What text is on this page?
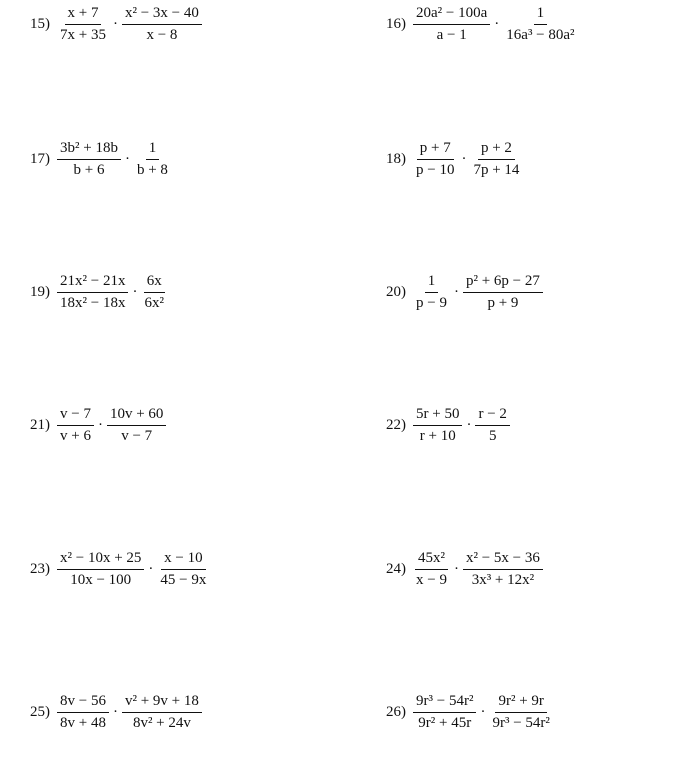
$15) \frac{x + 7}{7x + 35} \cdot \frac{\text{x² − 3x − 40}}{x - 8}$	$16) \frac{\text{20a² − 100a}}{a - 1} \cdot \frac{1}{\text{16a³ − 80a²}}$
$17) \frac{\text{3b² + 18b}}{b + 6} \cdot \frac{1}{b + 8}$	$18) \frac{p + 7}{p - 10} \cdot \frac{p + 2}{7p + 14}$
$19) \frac{\text{21x² − 21x}}{\text{18x² − 18x}} \cdot \frac{6x}{\text{6x²}}$	$20) \frac{1}{p - 9} \cdot \frac{\text{p² + 6p − 27}}{p + 9}$
$21) \frac{v - 7}{v + 6} \cdot \frac{10v + 60}{v - 7}$	$22) \frac{5r + 50}{r + 10} \cdot \frac{r - 2}{5}$
$23) \frac{\text{x² − 10x + 25}}{10x - 100} \cdot \frac{x - 10}{45 - 9x}$	$24) \frac{\text{45x²}}{x - 9} \cdot \frac{\text{x² − 5x − 36}}{\text{3x³ + 12x²}}$
$25) \frac{8v - 56}{8v + 48} \cdot \frac{\text{v² + 9v + 18}}{\text{8v² + 24v}}$	$26) \frac{\text{9r³ − 54r²}}{\text{9r² + 45r}} \cdot \frac{\text{9r² + 9r}}{\text{9r³ − 54r²}}$
